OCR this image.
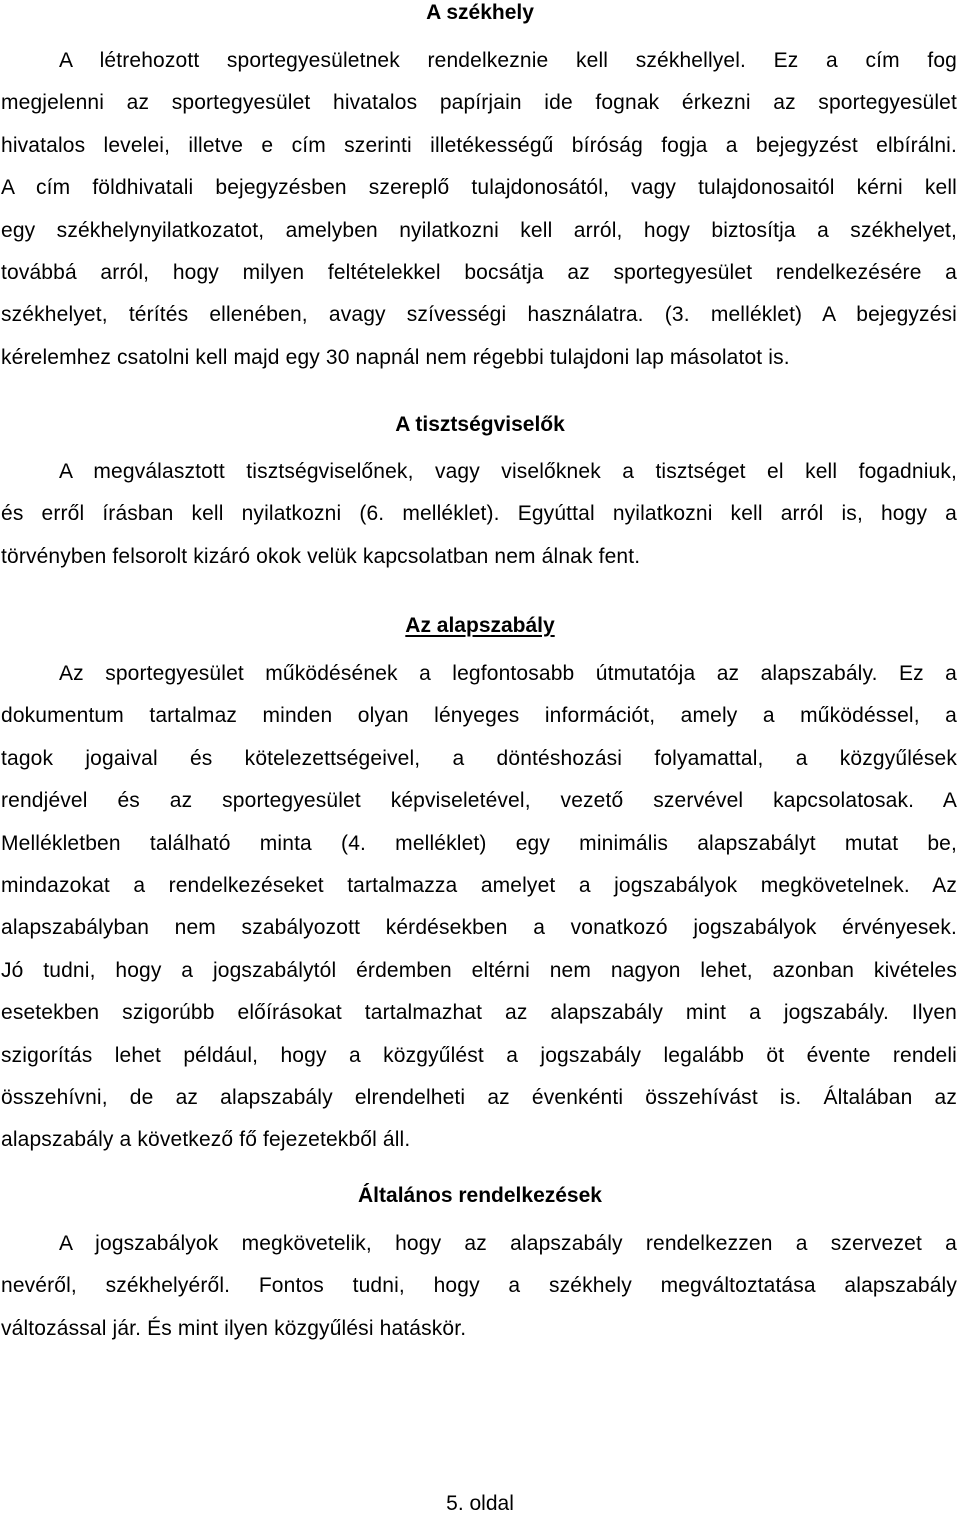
A székhely
A létrehozott sportegyesületnek rendelkeznie kell székhellyel. Ez a cím fog
megjelenni az sportegyesület hivatalos papírjain ide fognak érkezni az sportegyesület
hivatalos levelei, illetve e cím szerinti illetékességű bíróság fogja a bejegyzést elbírálni.
A cím földhivatali bejegyzésben szereplő tulajdonosától, vagy tulajdonosaitól kérni kell
egy székhelynyilatkozatot, amelyben nyilatkozni kell arról, hogy biztosítja a székhelyet,
továbbá arról, hogy milyen feltételekkel bocsátja az sportegyesület rendelkezésére a
székhelyet, térítés ellenében, avagy szívességi használatra. (3. melléklet) A bejegyzési
kérelemhez csatolni kell majd egy 30 napnál nem régebbi tulajdoni lap másolatot is.
A tisztségviselők
A megválasztott tisztségviselőnek, vagy viselőknek a tisztséget el kell fogadniuk,
és erről írásban kell nyilatkozni (6. melléklet). Egyúttal nyilatkozni kell arról is, hogy a
törvényben felsorolt kizáró okok velük kapcsolatban nem álnak fent.
Az alapszabály
Az sportegyesület működésének a legfontosabb útmutatója az alapszabály. Ez a
dokumentum tartalmaz minden olyan lényeges információt, amely a működéssel, a
tagok jogaival és kötelezettségeivel, a döntéshozási folyamattal, a közgyűlések
rendjével és az sportegyesület képviseletével, vezető szervével kapcsolatosak. A
Mellékletben található minta (4. melléklet) egy minimális alapszabályt mutat be,
mindazokat a rendelkezéseket tartalmazza amelyet a jogszabályok megkövetelnek. Az
alapszabályban nem szabályozott kérdésekben a vonatkozó jogszabályok érvényesek.
Jó tudni, hogy a jogszabálytól érdemben eltérni nem nagyon lehet, azonban kivételes
esetekben szigorúbb előírásokat tartalmazhat az alapszabály mint a jogszabály. Ilyen
szigorítás lehet például, hogy a közgyűlést a jogszabály legalább öt évente rendeli
összehívni, de az alapszabály elrendelheti az évenkénti összehívást is. Általában az
alapszabály a következő fő fejezetekből áll.
Általános rendelkezések
A jogszabályok megkövetelik, hogy az alapszabály rendelkezzen a szervezet a
nevéről, székhelyéről. Fontos tudni, hogy a székhely megváltoztatása alapszabály
változással jár. És mint ilyen közgyűlési hatáskör.

5. oldal
